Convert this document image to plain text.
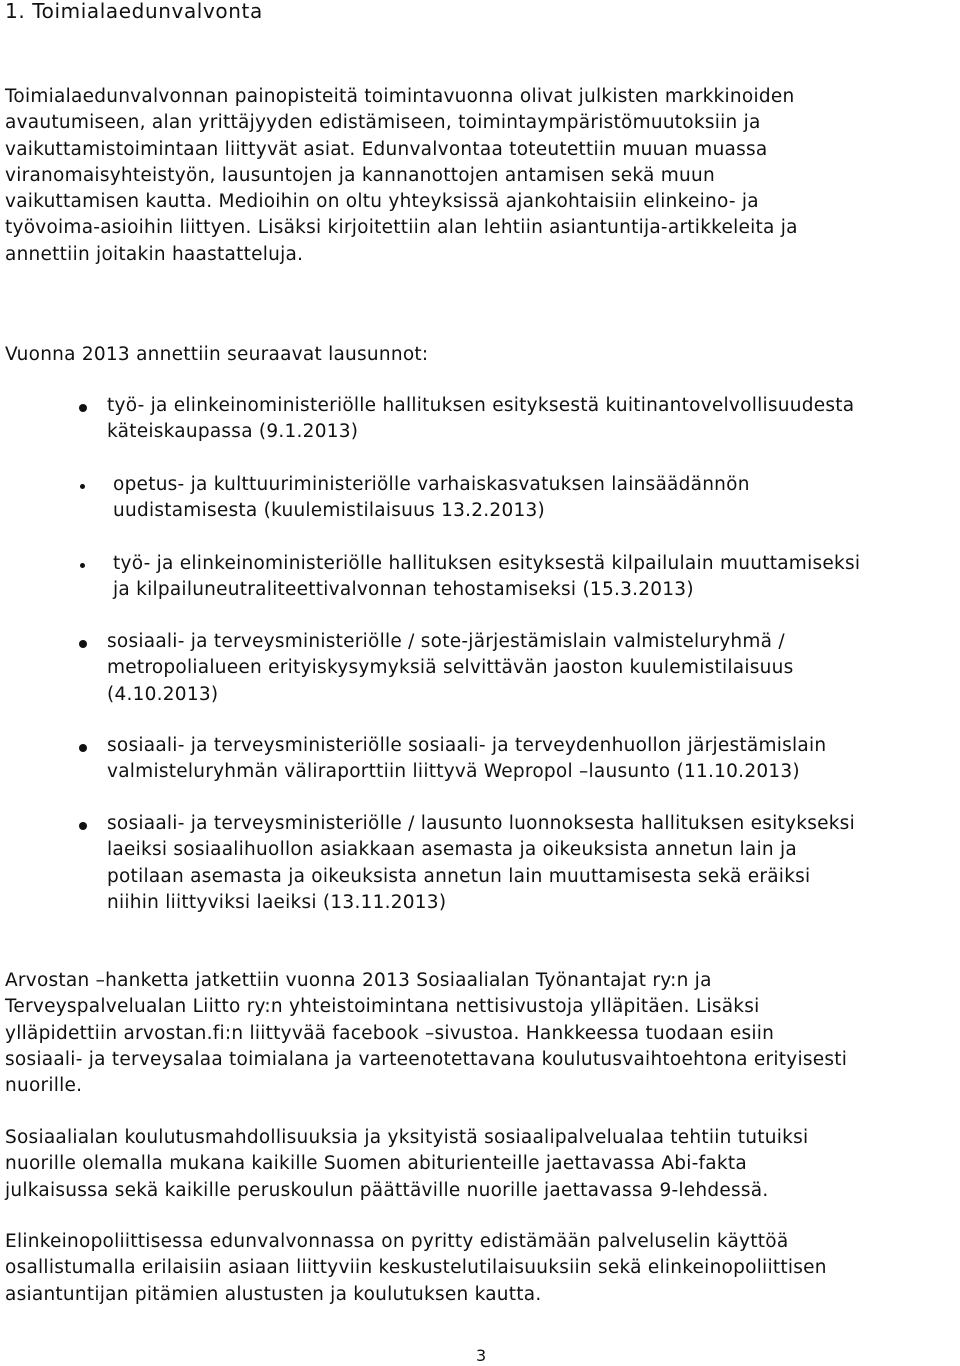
1. Toimialaedunvalvonta

Toimialaedunvalvonnan painopisteitä toimintavuonna olivat julkisten markkinoiden
avautumiseen, alan yrittäjyyden edistämiseen, toimintaympäristömuutoksiin ja
vaikuttamistoimintaan liittyvät asiat. Edunvalvontaa toteutettiin muuan muassa
viranomaisyhteistyön, lausuntojen ja kannanottojen antamisen sekä muun
vaikuttamisen kautta. Medioihin on oltu yhteyksissä ajankohtaisiin elinkeino- ja
työvoima-asioihin liittyen. Lisäksi kirjoitettiin alan lehtiin asiantuntija-artikkeleita ja
annettiin joitakin haastatteluja.

Vuonna 2013 annettiin seuraavat lausunnot:

työ- ja elinkeinoministeriölle hallituksen esityksestä kuitinantovelvollisuudesta
käteiskaupassa (9.1.2013)

opetus- ja kulttuuriministeriölle varhaiskasvatuksen lainsäädännön
uudistamisesta (kuulemistilaisuus 13.2.2013)

työ- ja elinkeinoministeriölle hallituksen esityksestä kilpailulain muuttamiseksi
ja kilpailuneutraliteettivalvonnan tehostamiseksi (15.3.2013)

sosiaali- ja terveysministeriölle / sote-järjestämislain valmisteluryhmä /
metropolialueen erityiskysymyksiä selvittävän jaoston kuulemistilaisuus
(4.10.2013)

sosiaali- ja terveysministeriölle sosiaali- ja terveydenhuollon järjestämislain
valmisteluryhmän väliraporttiin liittyvä Wepropol –lausunto (11.10.2013)

sosiaali- ja terveysministeriölle / lausunto luonnoksesta hallituksen esitykseksi
laeiksi sosiaalihuollon asiakkaan asemasta ja oikeuksista annetun lain ja
potilaan asemasta ja oikeuksista annetun lain muuttamisesta sekä eräiksi
niihin liittyviksi laeiksi (13.11.2013)

Arvostan –hanketta jatkettiin vuonna 2013 Sosiaalialan Työnantajat ry:n ja
Terveyspalvelualan Liitto ry:n yhteistoimintana nettisivustoja ylläpitäen. Lisäksi
ylläpidettiin arvostan.fi:n liittyvää facebook –sivustoa. Hankkeessa tuodaan esiin
sosiaali- ja terveysalaa toimialana ja varteenotettavana koulutusvaihtoehtona erityisesti
nuorille.

Sosiaalialan koulutusmahdollisuuksia ja yksityistä sosiaalipalvelualaa tehtiin tutuiksi
nuorille olemalla mukana kaikille Suomen abiturienteille jaettavassa Abi-fakta
julkaisussa sekä kaikille peruskoulun päättäville nuorille jaettavassa 9-lehdessä.

Elinkeinopoliittisessa edunvalvonnassa on pyritty edistämään palveluselin käyttöä
osallistumalla erilaisiin asiaan liittyviin keskustelutilaisuuksiin sekä elinkeinopoliittisen
asiantuntijan pitämien alustusten ja koulutuksen kautta.

3
